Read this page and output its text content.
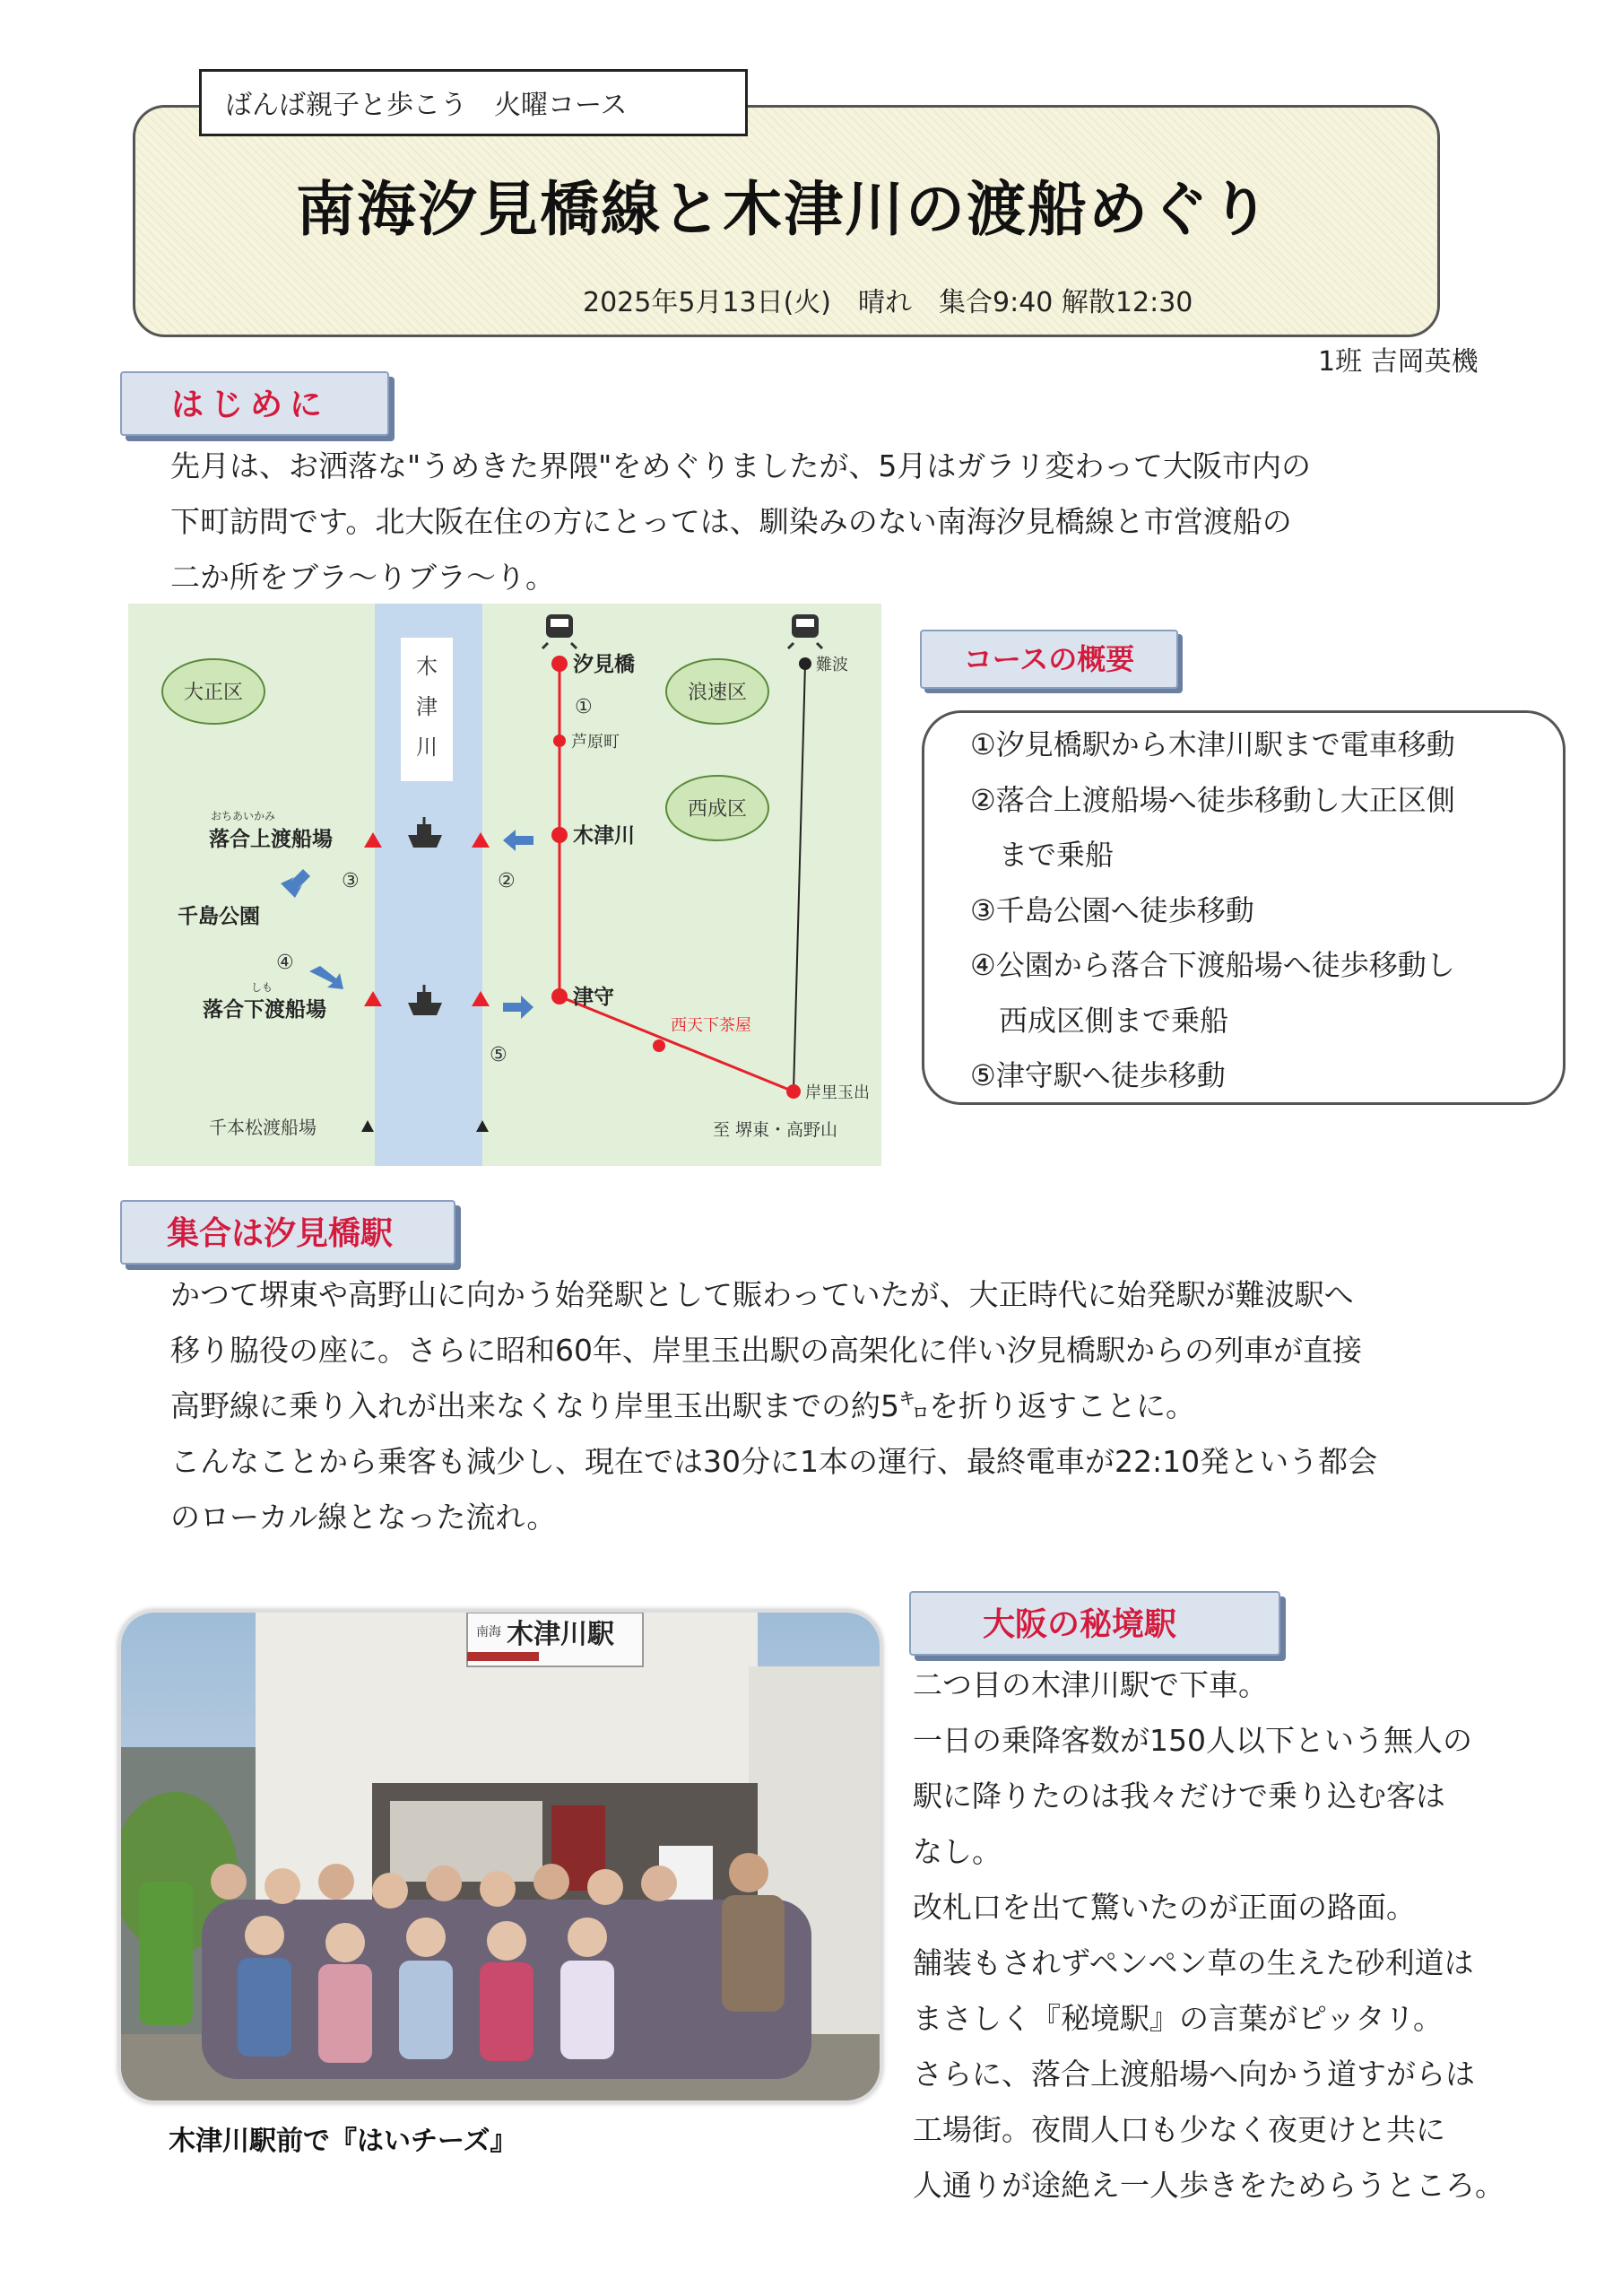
ばんば親子と歩こう　火曜コース
南海汐見橋線と木津川の渡船めぐり
2025年5月13日(火)　晴れ　集合9:40 解散12:30
1班 吉岡英機
はじめに
先月は、お洒落な"うめきた界隈"をめぐりましたが、5月はガラリ変わって大阪市内の
下町訪問です。北大阪在住の方にとっては、馴染みのない南海汐見橋線と市営渡船の
二か所をブラ〜りブラ〜り。
木
津
川
大正区	浪速区
西成区
汐見橋
①
芦原町
木津川
津守
西天下茶屋
岸里玉出
難波
至 堺東・高野山
②
③
④
⑤
おちあいかみ
落合上渡船場
千島公園
しも
落合下渡船場
千本松渡船場
コースの概要
①汐見橋駅から木津川駅まで電車移動
②落合上渡船場へ徒歩移動し大正区側
　まで乗船
③千島公園へ徒歩移動
④公園から落合下渡船場へ徒歩移動し
　西成区側まで乗船
⑤津守駅へ徒歩移動
集合は汐見橋駅
かつて堺東や高野山に向かう始発駅として賑わっていたが、大正時代に始発駅が難波駅へ
移り脇役の座に。さらに昭和60年、岸里玉出駅の高架化に伴い汐見橋駅からの列車が直接
高野線に乗り入れが出来なくなり岸里玉出駅までの約5㌔を折り返すことに。
こんなことから乗客も減少し、現在では30分に1本の運行、最終電車が22:10発という都会
のローカル線となった流れ。
南海 木津川駅
木津川駅前で『はいチーズ』
大阪の秘境駅
二つ目の木津川駅で下車。
一日の乗降客数が150人以下という無人の
駅に降りたのは我々だけで乗り込む客は
なし。
改札口を出て驚いたのが正面の路面。
舗装もされずペンペン草の生えた砂利道は
まさしく『秘境駅』の言葉がピッタリ。
さらに、落合上渡船場へ向かう道すがらは
工場街。夜間人口も少なく夜更けと共に
人通りが途絶え一人歩きをためらうところ。
